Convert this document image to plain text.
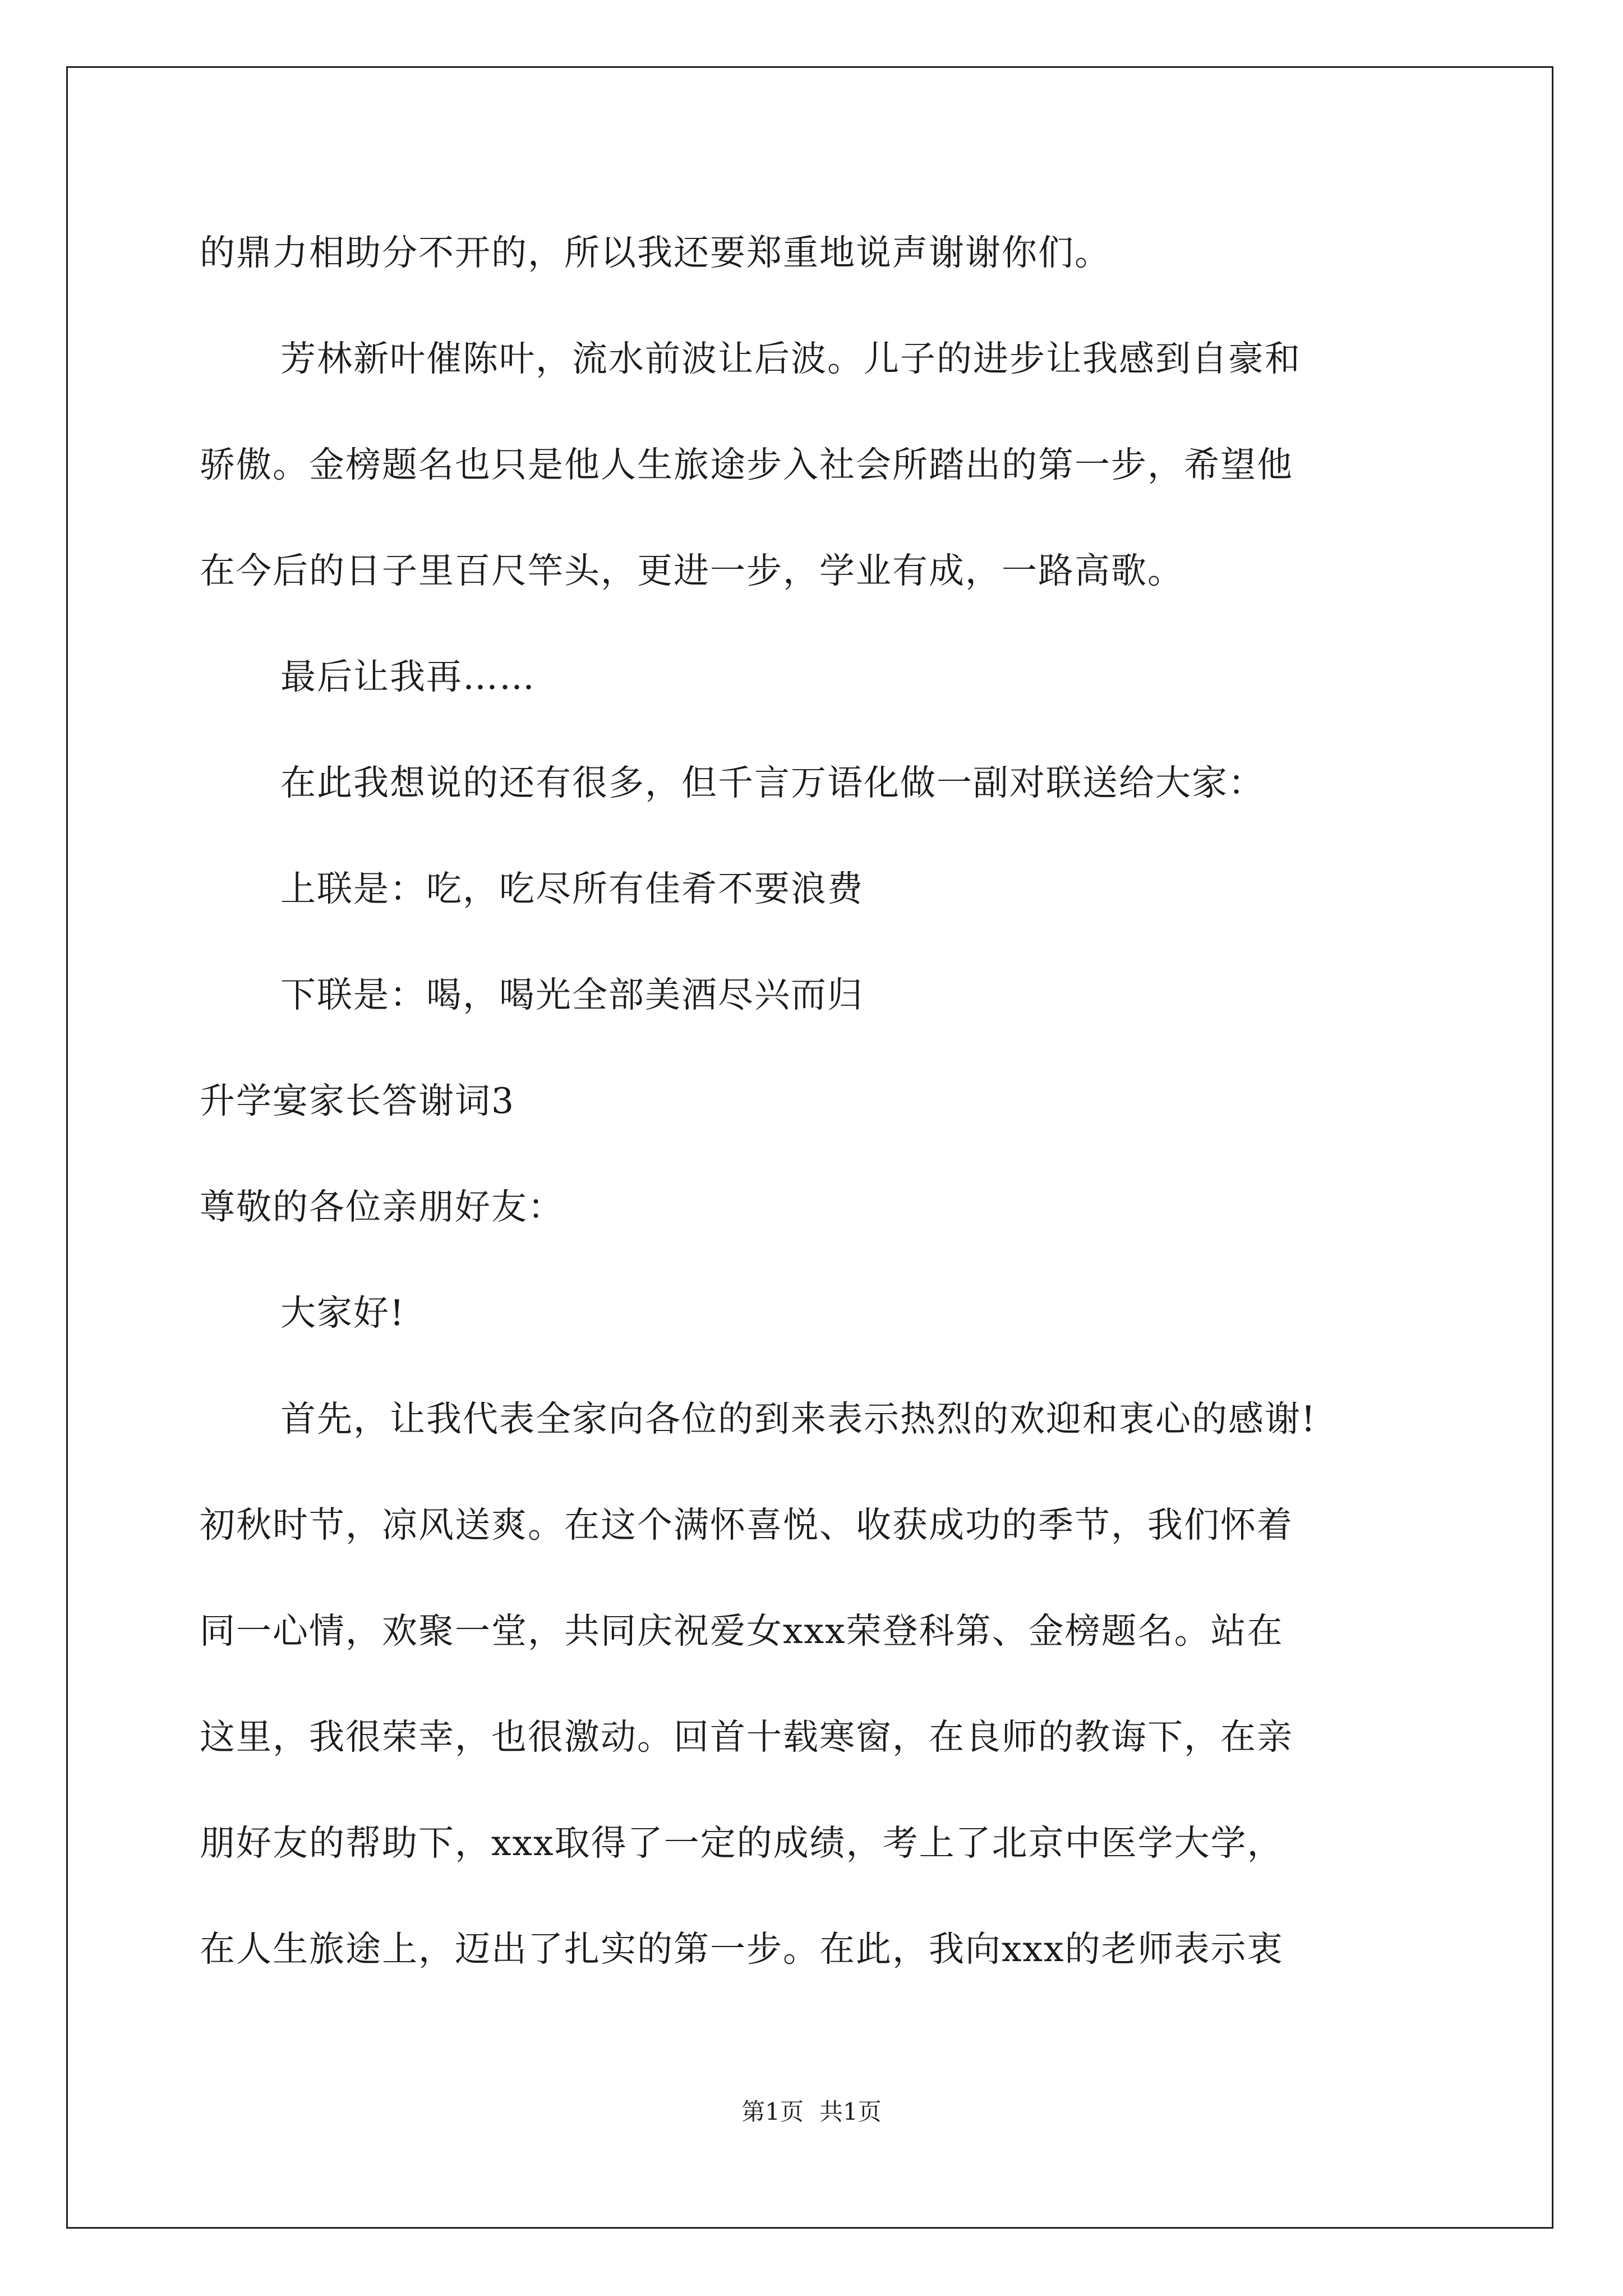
的鼎力相助分不开的，所以我还要郑重地说声谢谢你们。
芳林新叶催陈叶，流水前波让后波。儿子的进步让我感到自豪和
骄傲。金榜题名也只是他人生旅途步入社会所踏出的第一步，希望他
在今后的日子里百尺竿头，更进一步，学业有成，一路高歌。
最后让我再……
在此我想说的还有很多，但千言万语化做一副对联送给大家：
上联是：吃，吃尽所有佳肴不要浪费
下联是：喝，喝光全部美酒尽兴而归
升学宴家长答谢词3
尊敬的各位亲朋好友：
大家好!
首先，让我代表全家向各位的到来表示热烈的欢迎和衷心的感谢!
初秋时节，凉风送爽。在这个满怀喜悦、收获成功的季节，我们怀着
同一心情，欢聚一堂，共同庆祝爱女xxx荣登科第、金榜题名。站在
这里，我很荣幸，也很激动。回首十载寒窗，在良师的教诲下，在亲
朋好友的帮助下，xxx取得了一定的成绩，考上了北京中医学大学，
在人生旅途上，迈出了扎实的第一步。在此，我向xxx的老师表示衷
第1页 共1页
